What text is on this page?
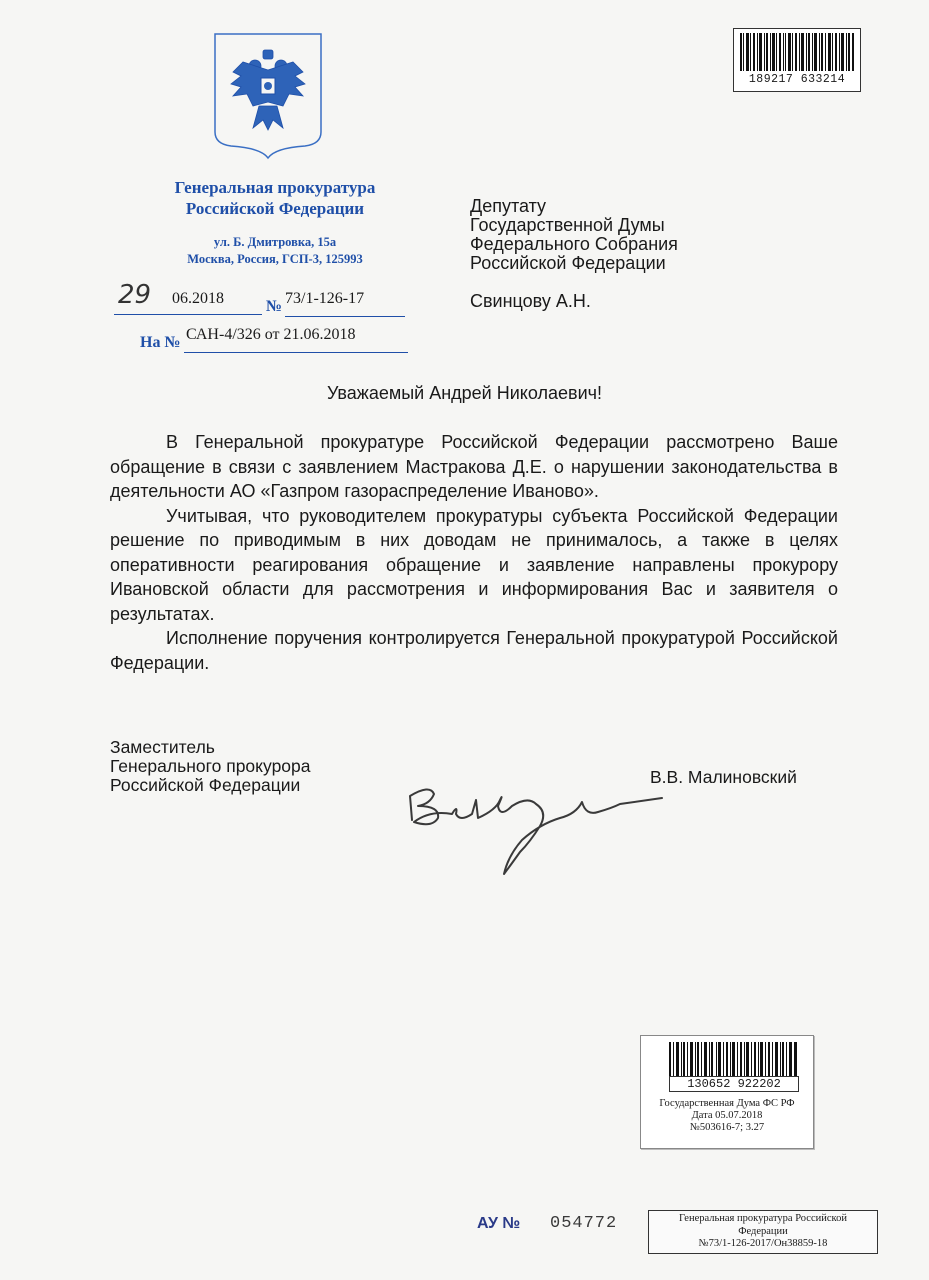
189217 633214
Генеральная прокуратура
Российской Федерации
ул. Б. Дмитровка, 15а
Москва, Россия, ГСП-3, 125993
29 06.2018	№ 73/1-126-17
На № САН-4/326 от 21.06.2018
Депутату
Государственной Думы
Федерального Собрания
Российской Федерации
Свинцову А.Н.
Уважаемый Андрей Николаевич!

В Генеральной прокуратуре Российской Федерации рассмотрено Ваше обращение в связи с заявлением Мастракова Д.Е. о нарушении законодательства в деятельности АО «Газпром газораспределение Иваново».

Учитывая, что руководителем прокуратуры субъекта Российской Федерации решение по приводимым в них доводам не принималось, а также в целях оперативности реагирования обращение и заявление направлены прокурору Ивановской области для рассмотрения и информирования Вас и заявителя о результатах.

Исполнение поручения контролируется Генеральной прокуратурой Российской Федерации.

Заместитель
Генерального прокурора
Российской Федерации	В.В. Малиновский
130652 922202
Государственная Дума ФС РФ
Дата 05.07.2018
№503616-7; 3.27
АУ № 054772	Генеральная прокуратура Российской
Федерации
№73/1-126-2017/Он38859-18
